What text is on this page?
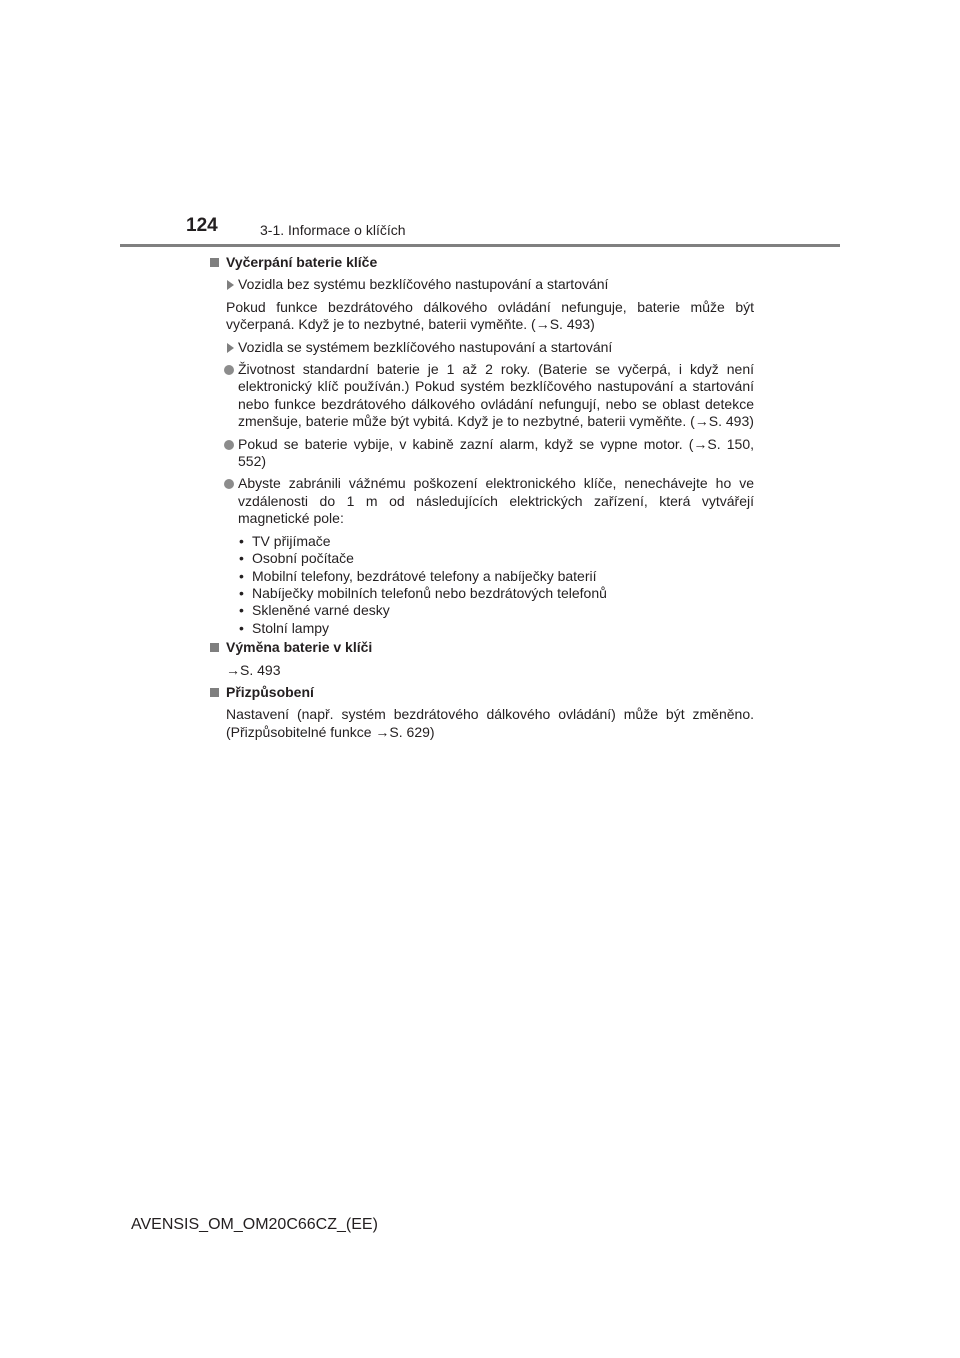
124	3-1. Informace o klíčích
Vyčerpání baterie klíče
Vozidla bez systému bezklíčového nastupování a startování
Pokud funkce bezdrátového dálkového ovládání nefunguje, baterie může být vyčerpaná. Když je to nezbytné, baterii vyměňte. (→S. 493)
Vozidla se systémem bezklíčového nastupování a startování
Životnost standardní baterie je 1 až 2 roky. (Baterie se vyčerpá, i když není elektronický klíč používán.) Pokud systém bezklíčového nastupování a startování nebo funkce bezdrátového dálkového ovládání nefungují, nebo se oblast detekce zmenšuje, baterie může být vybitá. Když je to nezbytné, baterii vyměňte. (→S. 493)
Pokud se baterie vybije, v kabině zazní alarm, když se vypne motor. (→S. 150, 552)
Abyste zabránili vážnému poškození elektronického klíče, nenechávejte ho ve vzdálenosti do 1 m od následujících elektrických zařízení, která vytvářejí magnetické pole:
• TV přijímače
• Osobní počítače
• Mobilní telefony, bezdrátové telefony a nabíječky baterií
• Nabíječky mobilních telefonů nebo bezdrátových telefonů
• Skleněné varné desky
• Stolní lampy
Výměna baterie v klíči
→S. 493
Přizpůsobení
Nastavení (např. systém bezdrátového dálkového ovládání) může být změněno. (Přizpůsobitelné funkce →S. 629)
AVENSIS_OM_OM20C66CZ_(EE)
